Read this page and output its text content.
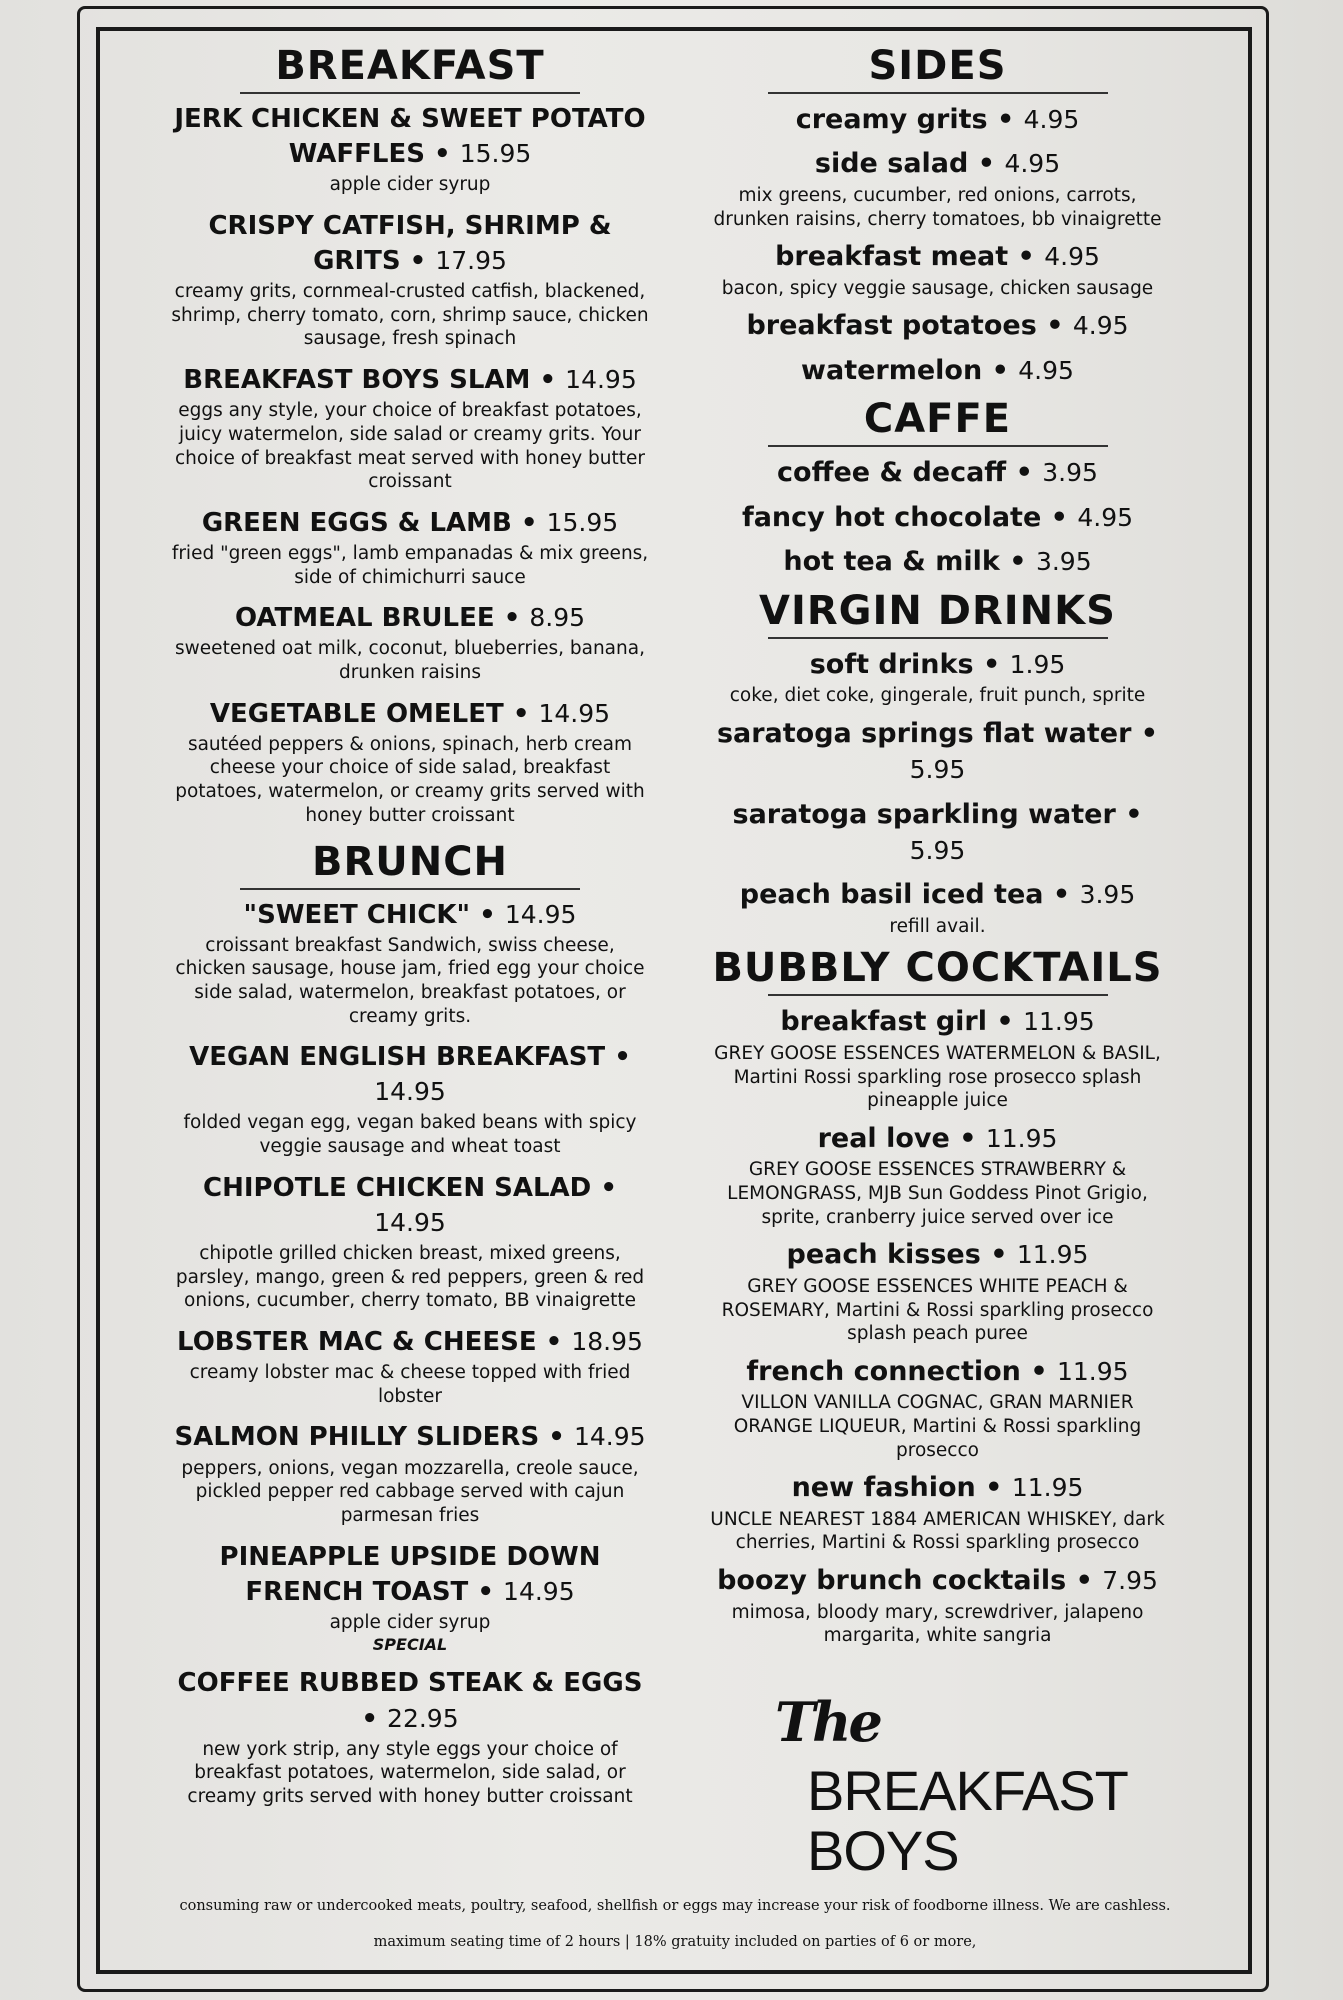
BREAKFAST
JERK CHICKEN & SWEET POTATO WAFFLES • 15.95
apple cider syrup
CRISPY CATFISH, SHRIMP & GRITS • 17.95
creamy grits, cornmeal-crusted catfish, blackened, shrimp, cherry tomato, corn, shrimp sauce, chicken sausage, fresh spinach
BREAKFAST BOYS SLAM • 14.95
eggs any style, your choice of breakfast potatoes, juicy watermelon, side salad or creamy grits. Your choice of breakfast meat served with honey butter croissant
GREEN EGGS & LAMB • 15.95
fried "green eggs", lamb empanadas & mix greens, side of chimichurri sauce
OATMEAL BRULEE • 8.95
sweetened oat milk, coconut, blueberries, banana, drunken raisins
VEGETABLE OMELET • 14.95
sautéed peppers & onions, spinach, herb cream cheese your choice of side salad, breakfast potatoes, watermelon, or creamy grits served with honey butter croissant
BRUNCH
"SWEET CHICK" • 14.95
croissant breakfast Sandwich, swiss cheese, chicken sausage, house jam, fried egg your choice side salad, watermelon, breakfast potatoes, or creamy grits.
VEGAN ENGLISH BREAKFAST • 14.95
folded vegan egg, vegan baked beans with spicy veggie sausage and wheat toast
CHIPOTLE CHICKEN SALAD • 14.95
chipotle grilled chicken breast, mixed greens, parsley, mango, green & red peppers, green & red onions, cucumber, cherry tomato, BB vinaigrette
LOBSTER MAC & CHEESE • 18.95
creamy lobster mac & cheese topped with fried lobster
SALMON PHILLY SLIDERS • 14.95
peppers, onions, vegan mozzarella, creole sauce, pickled pepper red cabbage served with cajun parmesan fries
PINEAPPLE UPSIDE DOWN FRENCH TOAST • 14.95
apple cider syrup
SPECIAL
COFFEE RUBBED STEAK & EGGS • 22.95
new york strip, any style eggs your choice of breakfast potatoes, watermelon, side salad, or creamy grits served with honey butter croissant
SIDES
creamy grits • 4.95
side salad • 4.95
mix greens, cucumber, red onions, carrots, drunken raisins, cherry tomatoes, bb vinaigrette
breakfast meat • 4.95
bacon, spicy veggie sausage, chicken sausage
breakfast potatoes • 4.95
watermelon • 4.95
CAFFE
coffee & decaff • 3.95
fancy hot chocolate • 4.95
hot tea & milk • 3.95
VIRGIN DRINKS
soft drinks • 1.95
coke, diet coke, gingerale, fruit punch, sprite
saratoga springs flat water • 5.95
saratoga sparkling water • 5.95
peach basil iced tea • 3.95
refill avail.
BUBBLY COCKTAILS
breakfast girl • 11.95
GREY GOOSE ESSENCES WATERMELON & BASIL, Martini Rossi sparkling rose prosecco splash pineapple juice
real love • 11.95
GREY GOOSE ESSENCES STRAWBERRY & LEMONGRASS, MJB Sun Goddess Pinot Grigio, sprite, cranberry juice served over ice
peach kisses • 11.95
GREY GOOSE ESSENCES WHITE PEACH & ROSEMARY, Martini & Rossi sparkling prosecco splash peach puree
french connection • 11.95
VILLON VANILLA COGNAC, GRAN MARNIER ORANGE LIQUEUR, Martini & Rossi sparkling prosecco
new fashion • 11.95
UNCLE NEAREST 1884 AMERICAN WHISKEY, dark cherries, Martini & Rossi sparkling prosecco
boozy brunch cocktails • 7.95
mimosa, bloody mary, screwdriver, jalapeno margarita, white sangria
The
BREAKFAST
BOYS
consuming raw or undercooked meats, poultry, seafood, shellfish or eggs may increase your risk of foodborne illness. We are cashless.
maximum seating time of 2 hours | 18% gratuity included on parties of 6 or more,
